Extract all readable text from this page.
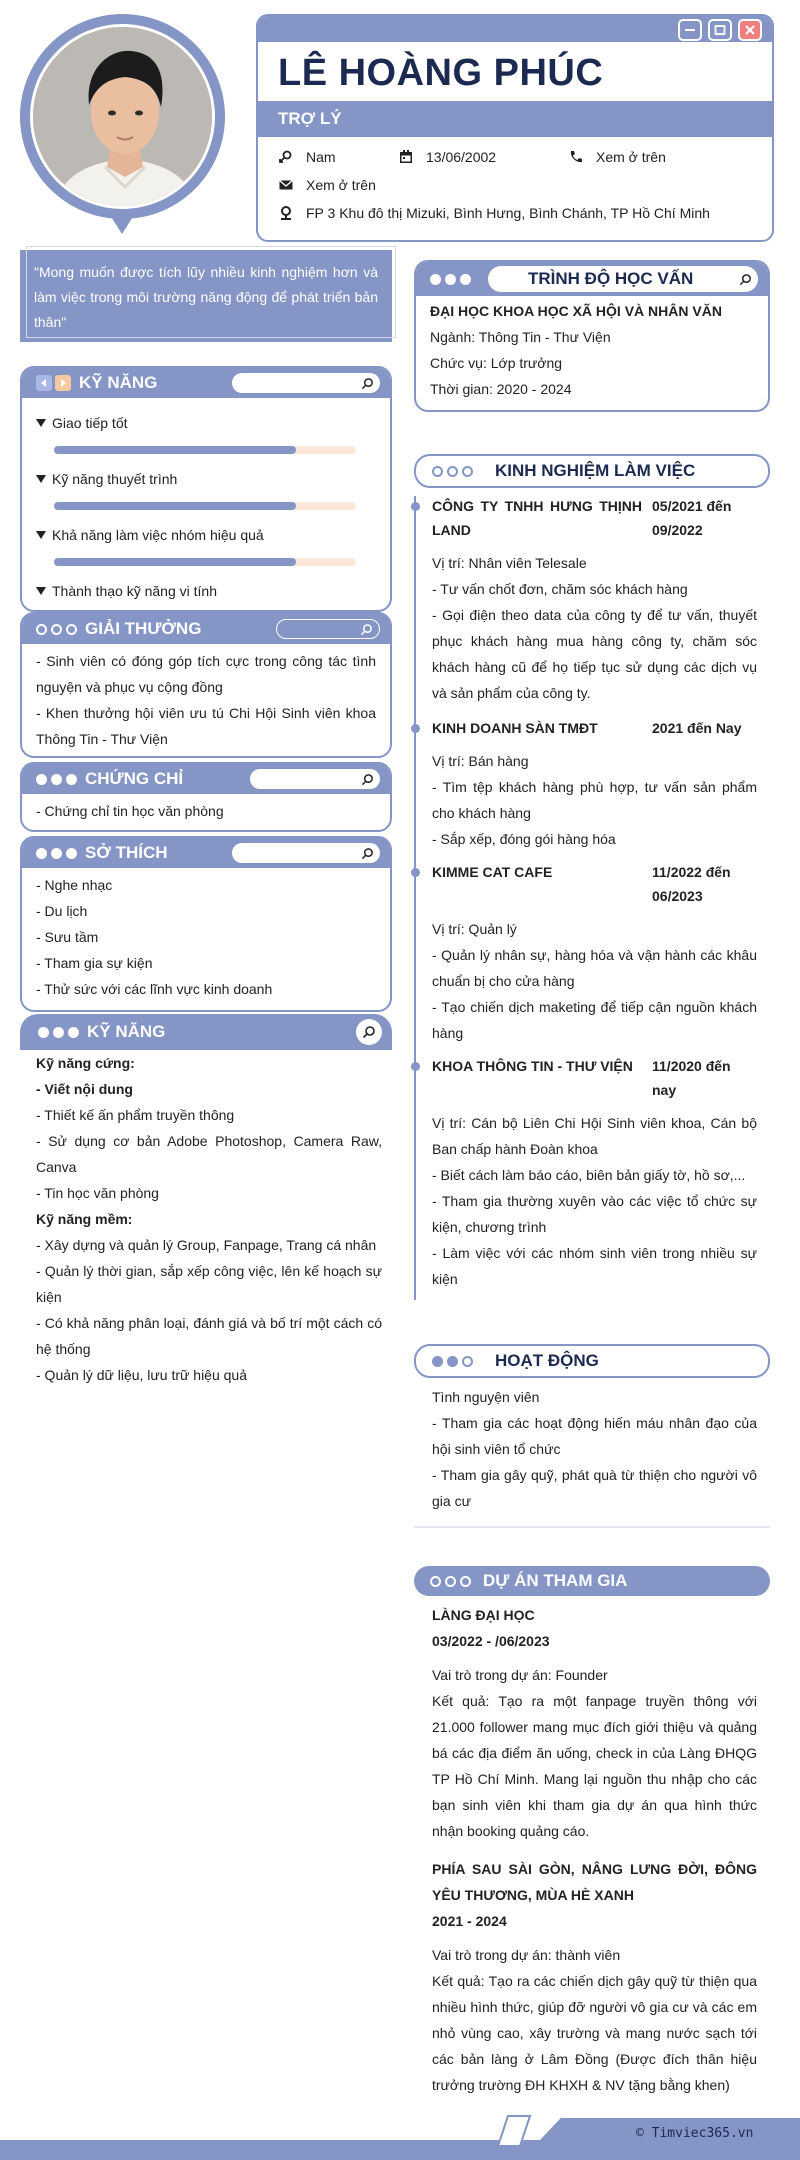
LÊ HOÀNG PHÚC
TRỢ LÝ
Nam	13/06/2002	Xem ở trên
Xem ở trên
FP 3 Khu đô thị Mizuki, Bình Hưng, Bình Chánh, TP Hồ Chí Minh
"Mong muốn được tích lũy nhiều kinh nghiệm hơn và làm việc trong môi trường năng động để phát triển bản thân"
KỸ NĂNG
Giao tiếp tốt
Kỹ năng thuyết trình
Khả năng làm việc nhóm hiệu quả
Thành thạo kỹ năng vi tính
GIẢI THƯỞNG
- Sinh viên có đóng góp tích cực trong công tác tình nguyện và phục vụ cộng đồng
- Khen thưởng hội viên ưu tú Chi Hội Sinh viên khoa Thông Tin - Thư Viện
CHỨNG CHỈ
- Chứng chỉ tin học văn phòng
SỞ THÍCH
- Nghe nhạc
- Du lịch
- Sưu tầm
- Tham gia sự kiện
- Thử sức với các lĩnh vực kinh doanh
KỸ NĂNG
Kỹ năng cứng:
- Viết nội dung
- Thiết kế ấn phẩm truyền thông
- Sử dụng cơ bản Adobe Photoshop, Camera Raw, Canva
- Tin học văn phòng
Kỹ năng mềm:
- Xây dựng và quản lý Group, Fanpage, Trang cá nhân
- Quản lý thời gian, sắp xếp công việc, lên kế hoạch sự kiện
- Có khả năng phân loại, đánh giá và bố trí một cách có hệ thống
- Quản lý dữ liệu, lưu trữ hiệu quả
TRÌNH ĐỘ HỌC VẤN
ĐẠI HỌC KHOA HỌC XÃ HỘI VÀ NHÂN VĂN
Ngành: Thông Tin - Thư Viện
Chức vụ: Lớp trưởng
Thời gian: 2020 - 2024
KINH NGHIỆM LÀM VIỆC
CÔNG TY TNHH HƯNG THỊNH LAND
05/2021 đến 09/2022
Vị trí: Nhân viên Telesale
- Tư vấn chốt đơn, chăm sóc khách hàng
- Gọi điện theo data của công ty để tư vấn, thuyết phục khách hàng mua hàng công ty, chăm sóc khách hàng cũ để họ tiếp tục sử dụng các dịch vụ và sản phẩm của công ty.
KINH DOANH SÀN TMĐT	2021 đến Nay
Vị trí: Bán hàng
- Tìm tệp khách hàng phù hợp, tư vấn sản phẩm cho khách hàng
- Sắp xếp, đóng gói hàng hóa
KIMME CAT CAFE	11/2022 đến 06/2023
Vị trí: Quản lý
- Quản lý nhân sự, hàng hóa và vận hành các khâu chuẩn bị cho cửa hàng
- Tạo chiến dịch maketing để tiếp cận nguồn khách hàng
KHOA THÔNG TIN - THƯ VIỆN	11/2020 đến nay
Vị trí: Cán bộ Liên Chi Hội Sinh viên khoa, Cán bộ Ban chấp hành Đoàn khoa
- Biết cách làm báo cáo, biên bản giấy tờ, hồ sơ,...
- Tham gia thường xuyên vào các việc tổ chức sự kiện, chương trình
- Làm việc với các nhóm sinh viên trong nhiều sự kiện
HOẠT ĐỘNG
Tình nguyện viên
- Tham gia các hoạt động hiến máu nhân đạo của hội sinh viên tổ chức
- Tham gia gây quỹ, phát quà từ thiện cho người vô gia cư
DỰ ÁN THAM GIA
LÀNG ĐẠI HỌC
03/2022 - /06/2023
Vai trò trong dự án: Founder
Kết quả: Tạo ra một fanpage truyền thông với 21.000 follower mang mục đích giới thiệu và quảng bá các địa điểm ăn uống, check in của Làng ĐHQG TP Hồ Chí Minh. Mang lại nguồn thu nhập cho các bạn sinh viên khi tham gia dự án qua hình thức nhận booking quảng cáo.
PHÍA SAU SÀI GÒN, NÂNG LƯNG ĐỜI, ĐÔNG YÊU THƯƠNG, MÙA HÈ XANH
2021 - 2024
Vai trò trong dự án: thành viên
Kết quả: Tạo ra các chiến dịch gây quỹ từ thiện qua nhiều hình thức, giúp đỡ người vô gia cư và các em nhỏ vùng cao, xây trường và mang nước sạch tới các bản làng ở Lâm Đồng (Được đích thân hiệu trưởng trường ĐH KHXH & NV tặng bằng khen)
© Timviec365.vn
